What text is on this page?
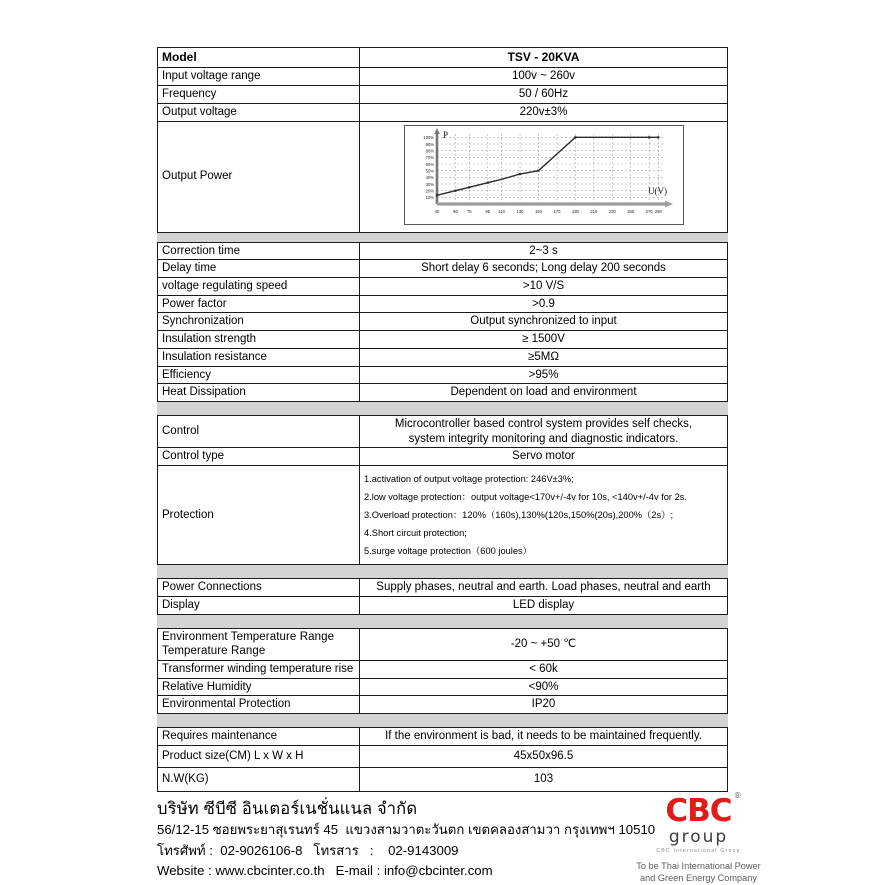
Model	TSV - 20KVA
Input voltage range	100v ~ 260v
Frequency	50 / 60Hz
Output voltage	220v±3%
Output Power	
100%
90%
80%
70%
60%
50%
40%
30%
20%
10%
40	60 75	95 110	130	150	170	190	210	230	250	270 280
P
U(V)

Correction time	2~3 s
Delay time	Short delay 6 seconds; Long delay 200 seconds
voltage regulating speed	>10 V/S
Power factor	>0.9
Synchronization	Output synchronized to input
Insulation strength	≥ 1500V
Insulation resistance	≥5MΩ
Efficiency	>95%
Heat Dissipation	Dependent on load and environment

Control	Microcontroller based control system provides self checks,
system integrity monitoring and diagnostic indicators.

Control type	Servo motor
Protection	1.activation of output voltage protection: 246V±3%;
2.low voltage protection：output voltage<170v+/-4v for 10s, <140v+/-4v for 2s.
3.Overload protection：120%（160s),130%(120s,150%(20s),200%（2s）;
4.Short circuit protection;
5.surge voltage protection（600 joules）

Power Connections	Supply phases, neutral and earth. Load phases, neutral and earth
Display	LED display

Environment Temperature Range Temperature Range	-20 ~ +50 ℃
Transformer winding temperature rise	< 60k
Relative Humidity	<90%
Environmental Protection	IP20

Requires maintenance	If the environment is bad, it needs to be maintained frequently.
Product size(CM) L x W x H	45x50x96.5
N.W(KG)	103
บริษัท ซีบีซี อินเตอร์เนชั่นแนล จำกัด
56/12-15 ซอยพระยาสุเรนทร์ 45  แขวงสามวาตะวันตก เขตคลองสามวา กรุงเทพฯ 10510
โทรศัพท์ :  02-9026106-8   โทรสาร   :    02-9143009
Website : www.cbcinter.co.th   E-mail : info@cbcinter.com
CBC ®
group
CBC International Group
To be Thai International Power
and Green Energy Company
